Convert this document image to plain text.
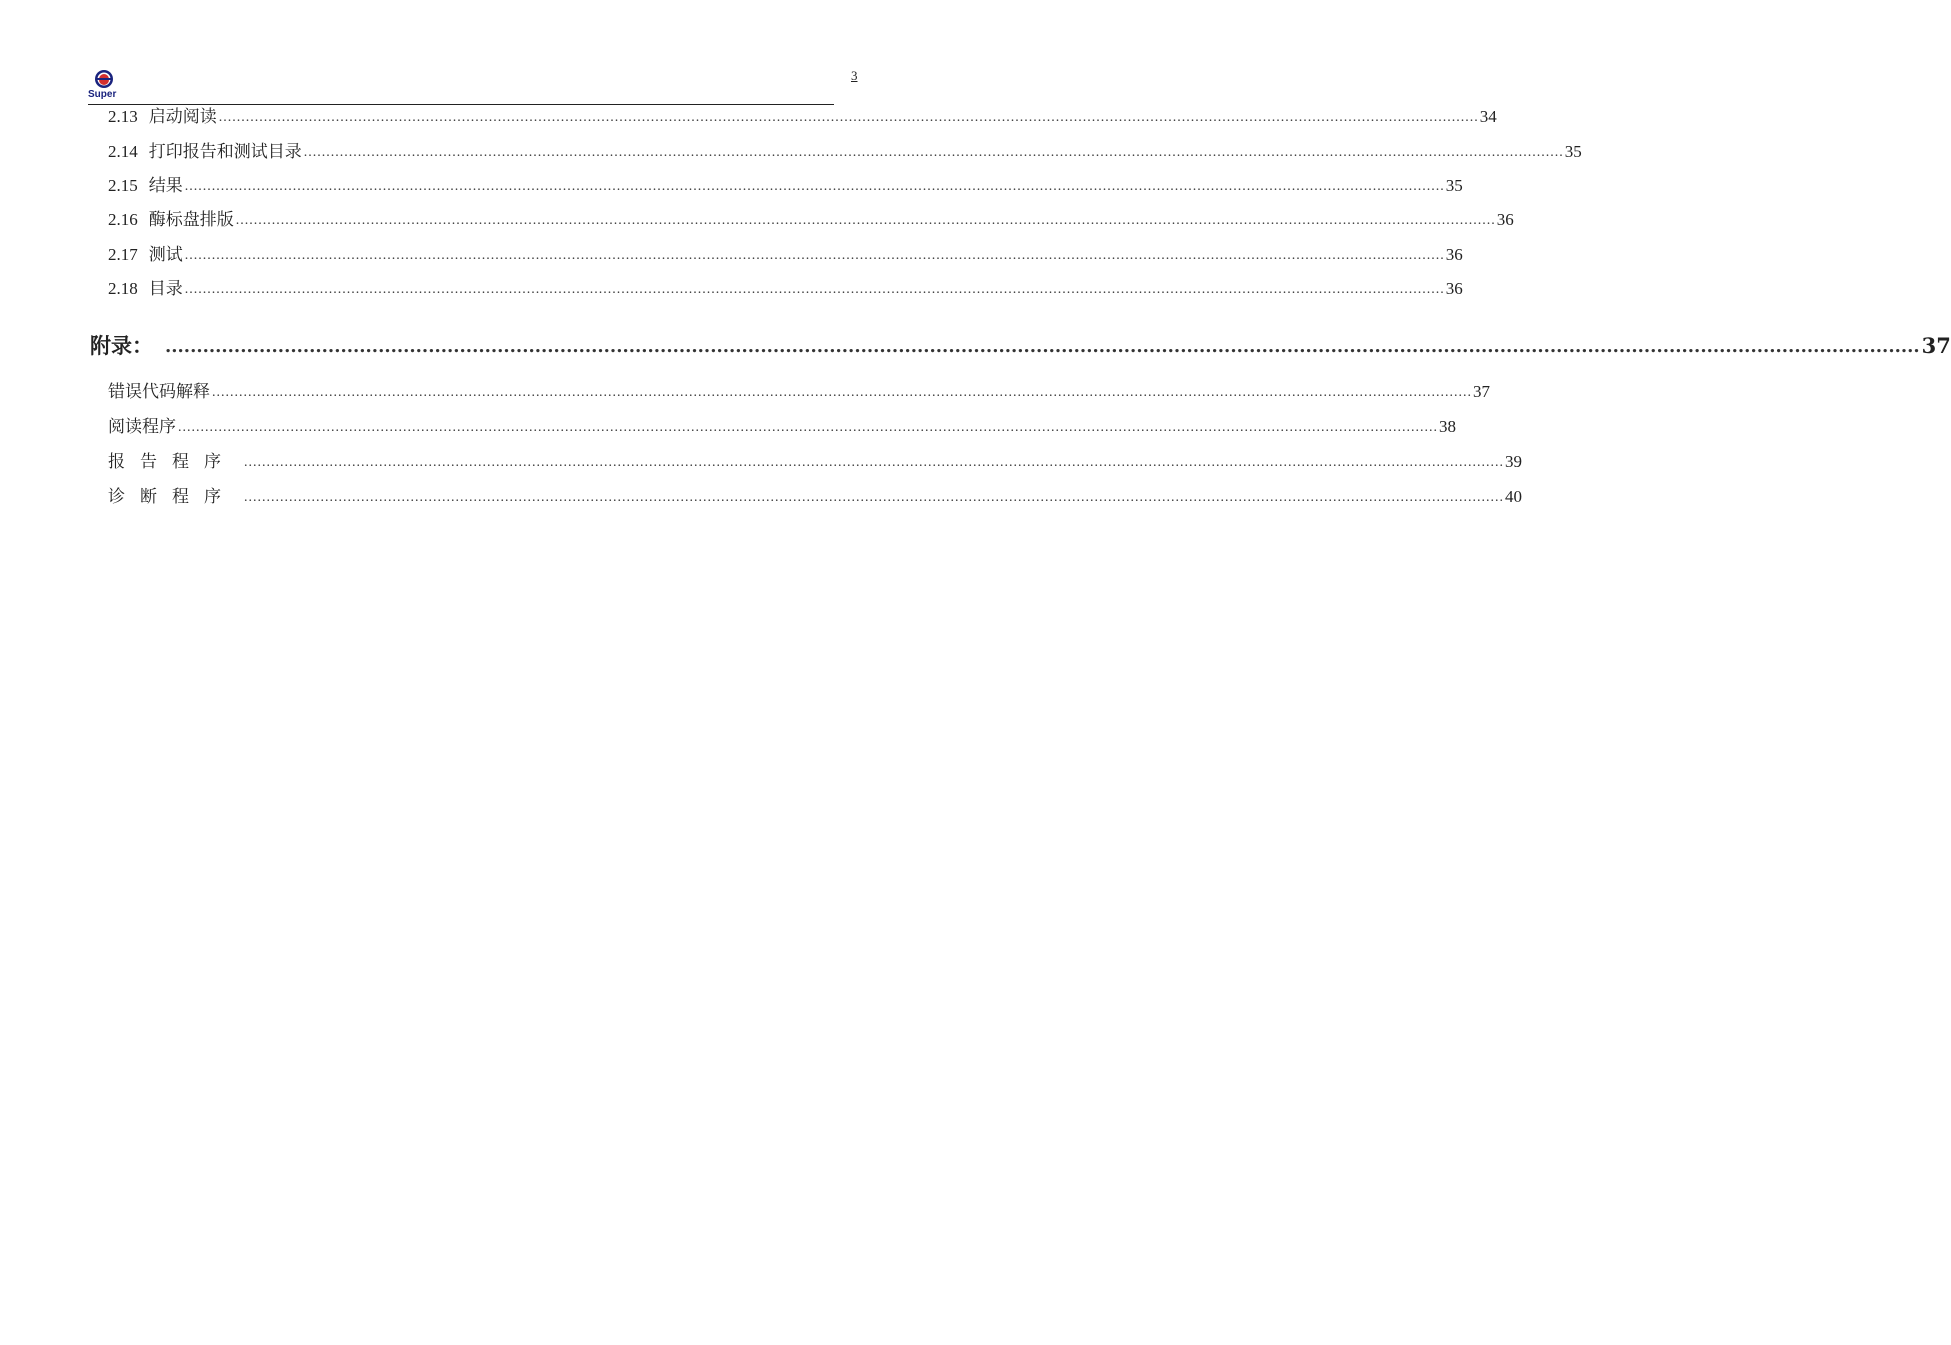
Super
3
2.13 启动阅读 ........................................................................................................................................................................................................................................................................................ 34
2.14 打印报告和测试目录 ........................................................................................................................................................................................................................................................................................ 35
2.15 结果 ........................................................................................................................................................................................................................................................................................ 35
2.16 酶标盘排版 ........................................................................................................................................................................................................................................................................................ 36
2.17 测试 ........................................................................................................................................................................................................................................................................................ 36
2.18 目录 ........................................................................................................................................................................................................................................................................................ 36
附录： ........................................................................................................................................................................................................................................................................................ 37
错误代码解释 ........................................................................................................................................................................................................................................................................................ 37
阅读程序 ........................................................................................................................................................................................................................................................................................ 38
报告程序 ........................................................................................................................................................................................................................................................................................ 39
诊断程序 ........................................................................................................................................................................................................................................................................................ 40
